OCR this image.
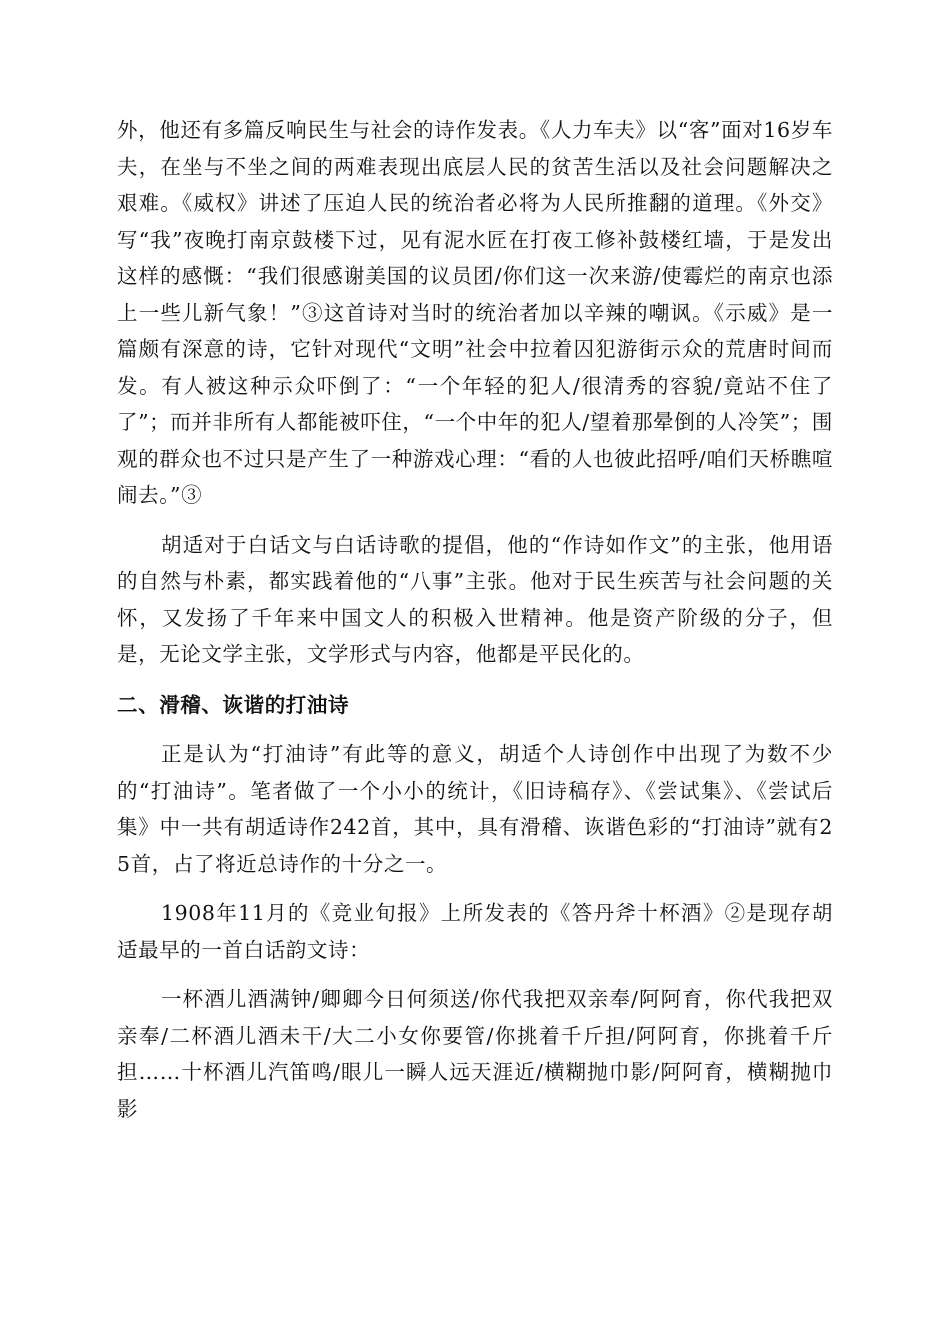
外，他还有多篇反响民生与社会的诗作发表。《人力车夫》以“客”面对16岁车夫，在坐与不坐之间的两难表现出底层人民的贫苦生活以及社会问题解决之艰难。《威权》讲述了压迫人民的统治者必将为人民所推翻的道理。《外交》写“我”夜晚打南京鼓楼下过，见有泥水匠在打夜工修补鼓楼红墙，于是发出这样的感慨：“我们很感谢美国的议员团/你们这一次来游/使霉烂的南京也添上一些儿新气象！”③这首诗对当时的统治者加以辛辣的嘲讽。《示威》是一篇颇有深意的诗，它针对现代“文明”社会中拉着囚犯游街示众的荒唐时间而发。有人被这种示众吓倒了：“一个年轻的犯人/很清秀的容貌/竟站不住了了”；而并非所有人都能被吓住，“一个中年的犯人/望着那晕倒的人冷笑”；围观的群众也不过只是产生了一种游戏心理：“看的人也彼此招呼/咱们天桥瞧喧闹去。”③

胡适对于白话文与白话诗歌的提倡，他的“作诗如作文”的主张，他用语的自然与朴素，都实践着他的“八事”主张。他对于民生疾苦与社会问题的关怀，又发扬了千年来中国文人的积极入世精神。他是资产阶级的分子，但是，无论文学主张，文学形式与内容，他都是平民化的。

二、滑稽、诙谐的打油诗

正是认为“打油诗”有此等的意义，胡适个人诗创作中出现了为数不少的“打油诗”。笔者做了一个小小的统计，《旧诗稿存》、《尝试集》、《尝试后集》中一共有胡适诗作242首，其中，具有滑稽、诙谐色彩的“打油诗”就有25首，占了将近总诗作的十分之一。

1908年11月的《竞业旬报》上所发表的《答丹斧十杯酒》②是现存胡适最早的一首白话韵文诗：

一杯酒儿酒满钟/卿卿今日何须送/你代我把双亲奉/阿阿育，你代我把双亲奉/二杯酒儿酒未干/大二小女你要管/你挑着千斤担/阿阿育，你挑着千斤担……十杯酒儿汽笛鸣/眼儿一瞬人远天涯近/横糊抛巾影/阿阿育，横糊抛巾影
